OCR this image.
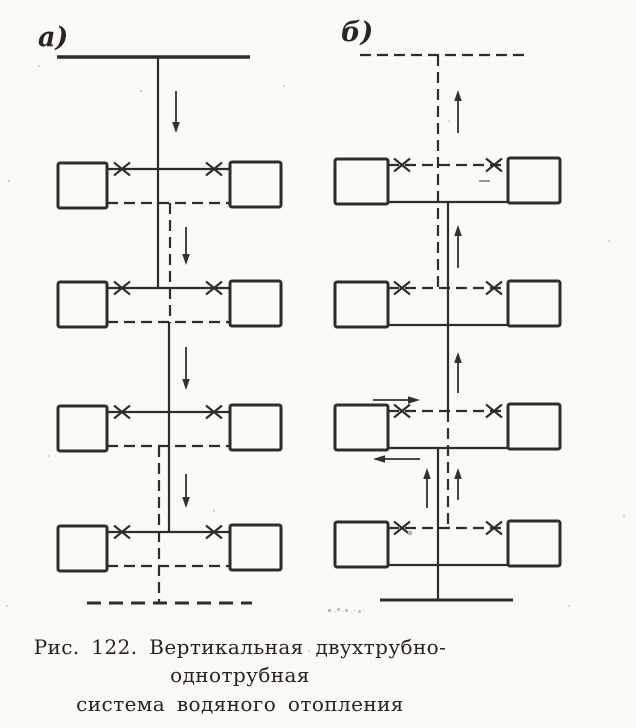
а)	б)
Рис. 122. Вертикальная двухтрубно-однотрубная
система водяного отопления
